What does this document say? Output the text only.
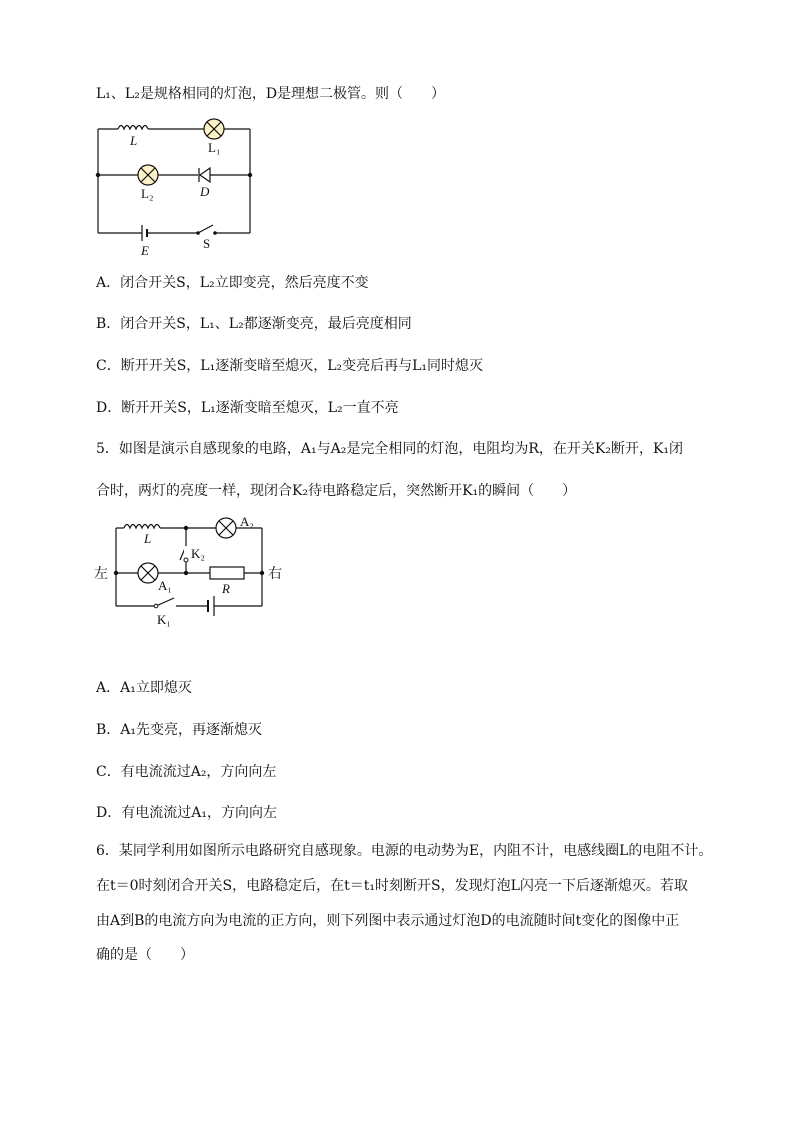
L₁、L₂是规格相同的灯泡，D是理想二极管。则（　　）
L	L₁
L₂	D
E	S
A．闭合开关S，L₂立即变亮，然后亮度不变
B．闭合开关S，L₁、L₂都逐渐变亮，最后亮度相同
C．断开开关S，L₁逐渐变暗至熄灭，L₂变亮后再与L₁同时熄灭
D．断开开关S，L₁逐渐变暗至熄灭，L₂一直不亮
5．如图是演示自感现象的电路，A₁与A₂是完全相同的灯泡，电阻均为R，在开关K₂断开，K₁闭
合时，两灯的亮度一样，现闭合K₂待电路稳定后，突然断开K₁的瞬间（　　）
L
A₂
K₂
A₁	R
K₁
左	右
A．A₁立即熄灭
B．A₁先变亮，再逐渐熄灭
C．有电流流过A₂，方向向左
D．有电流流过A₁，方向向左
6．某同学利用如图所示电路研究自感现象。电源的电动势为E，内阻不计，电感线圈L的电阻不计。
在t＝0时刻闭合开关S，电路稳定后，在t＝t₁时刻断开S，发现灯泡L闪亮一下后逐渐熄灭。若取
由A到B的电流方向为电流的正方向，则下列图中表示通过灯泡D的电流随时间t变化的图像中正
确的是（　　）
